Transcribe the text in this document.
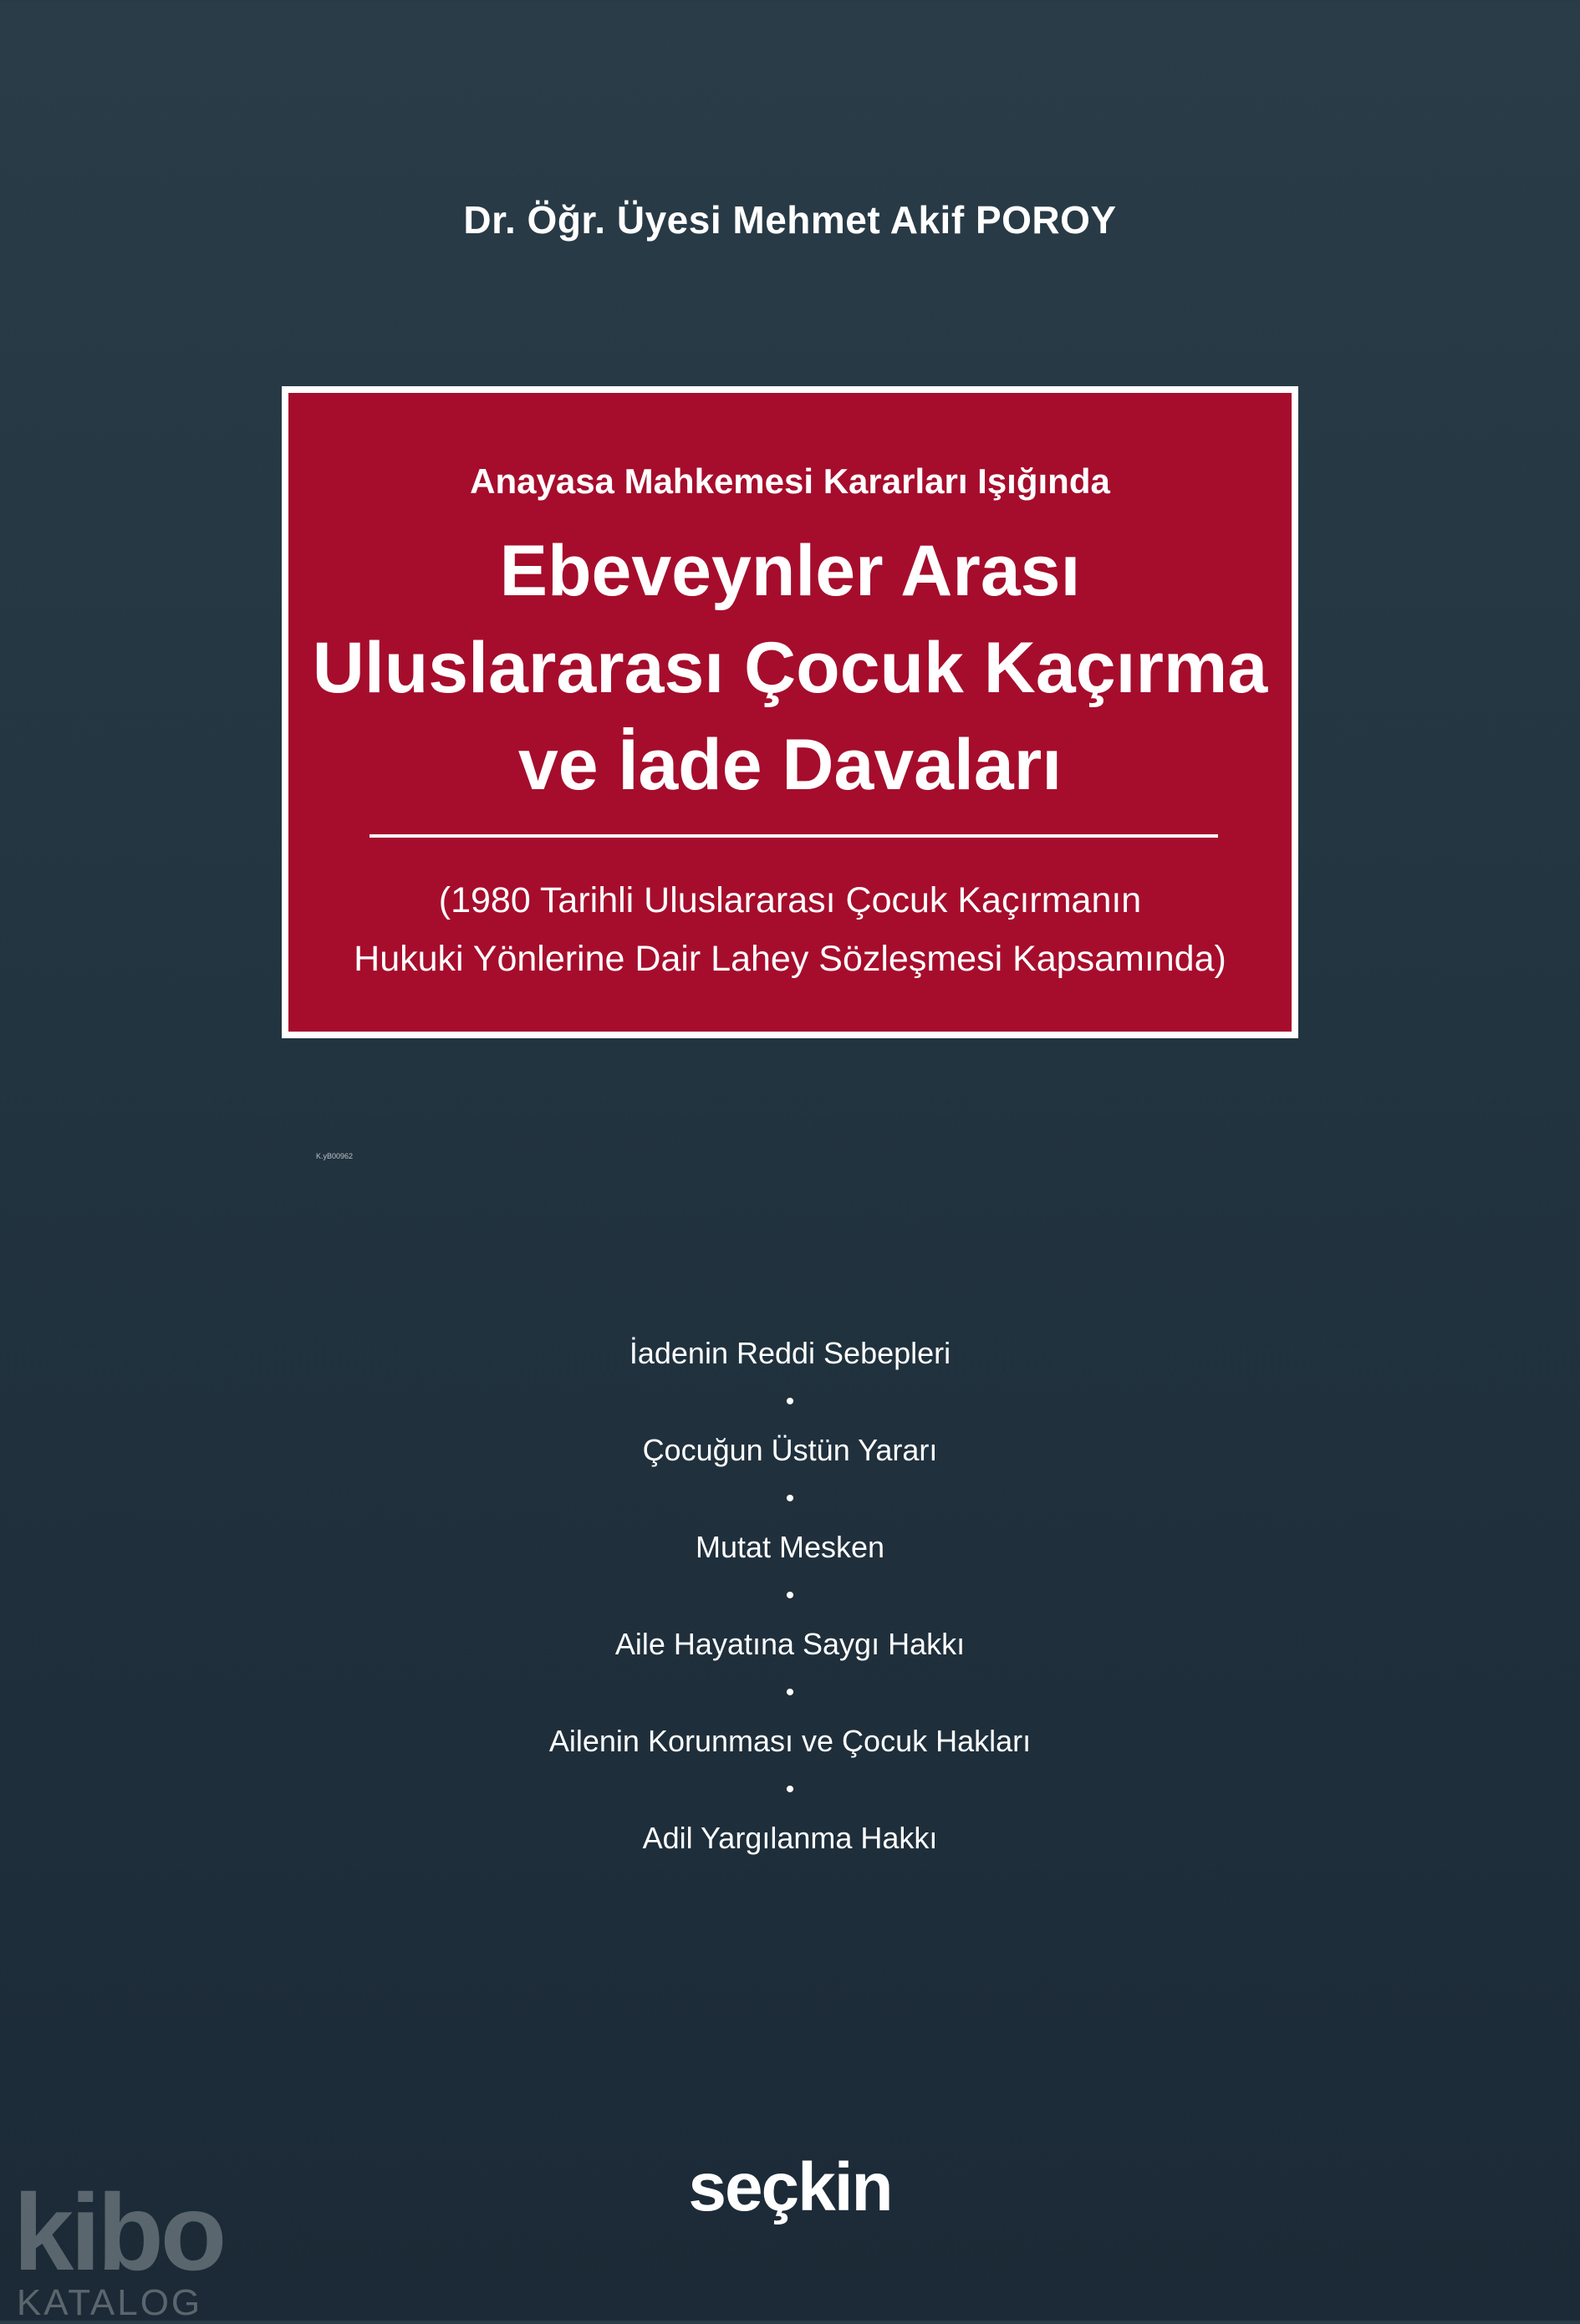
Dr. Öğr. Üyesi Mehmet Akif POROY
Anayasa Mahkemesi Kararları Işığında
Ebeveynler Arası
Uluslararası Çocuk Kaçırma
ve İade Davaları
(1980 Tarihli Uluslararası Çocuk Kaçırmanın
Hukuki Yönlerine Dair Lahey Sözleşmesi Kapsamında)
K.yB00962
İadenin Reddi Sebepleri
•
Çocuğun Üstün Yararı
•
Mutat Mesken
•
Aile Hayatına Saygı Hakkı
•
Ailenin Korunması ve Çocuk Hakları
•
Adil Yargılanma Hakkı
seçkin
kibo
KATALOG
